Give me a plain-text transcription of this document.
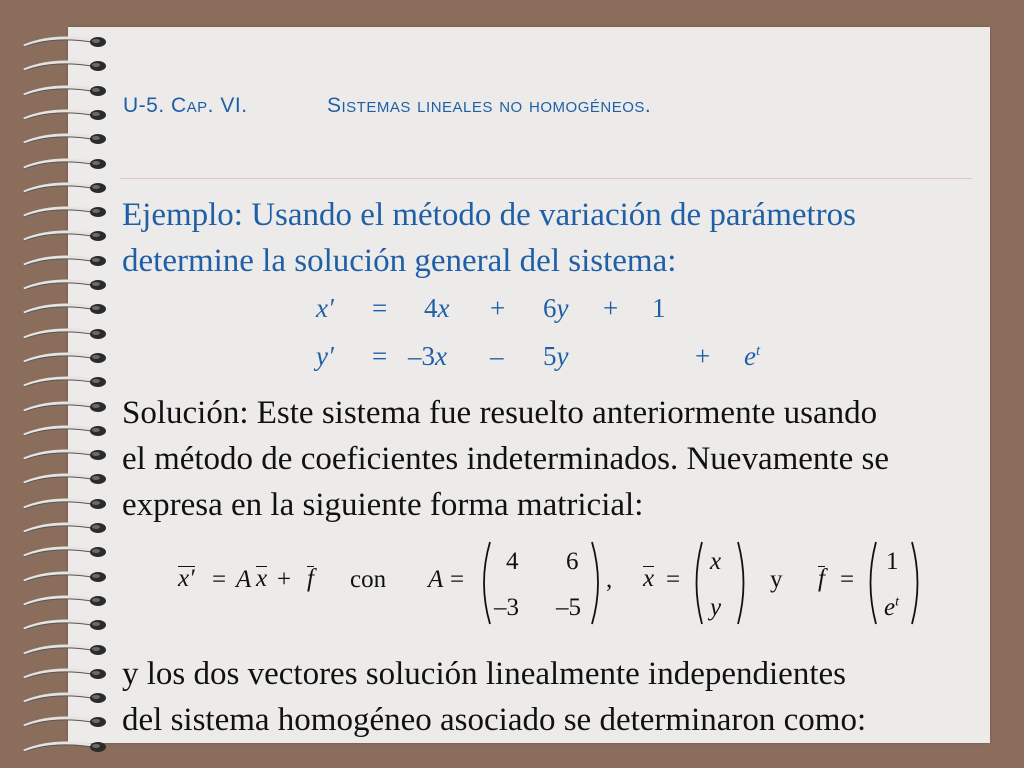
U-5. Cap. VI.	Sistemas lineales no homogéneos.
Ejemplo: Usando el método de variación de parámetros
determine la solución general del sistema:
x′ = 4x + 6y + 1
y′ = –3x – 5y	+ $e^t$
Solución: Este sistema fue resuelto anteriormente usando
el método de coeficientes indeterminados. Nuevamente se
expresa en la siguiente forma matricial:
x′ = A x + f con A =
4 6
–3 –5
, x =
x
y
y f =
1
$e^t$
y los dos vectores solución linealmente independientes
del sistema homogéneo asociado se determinaron como:
